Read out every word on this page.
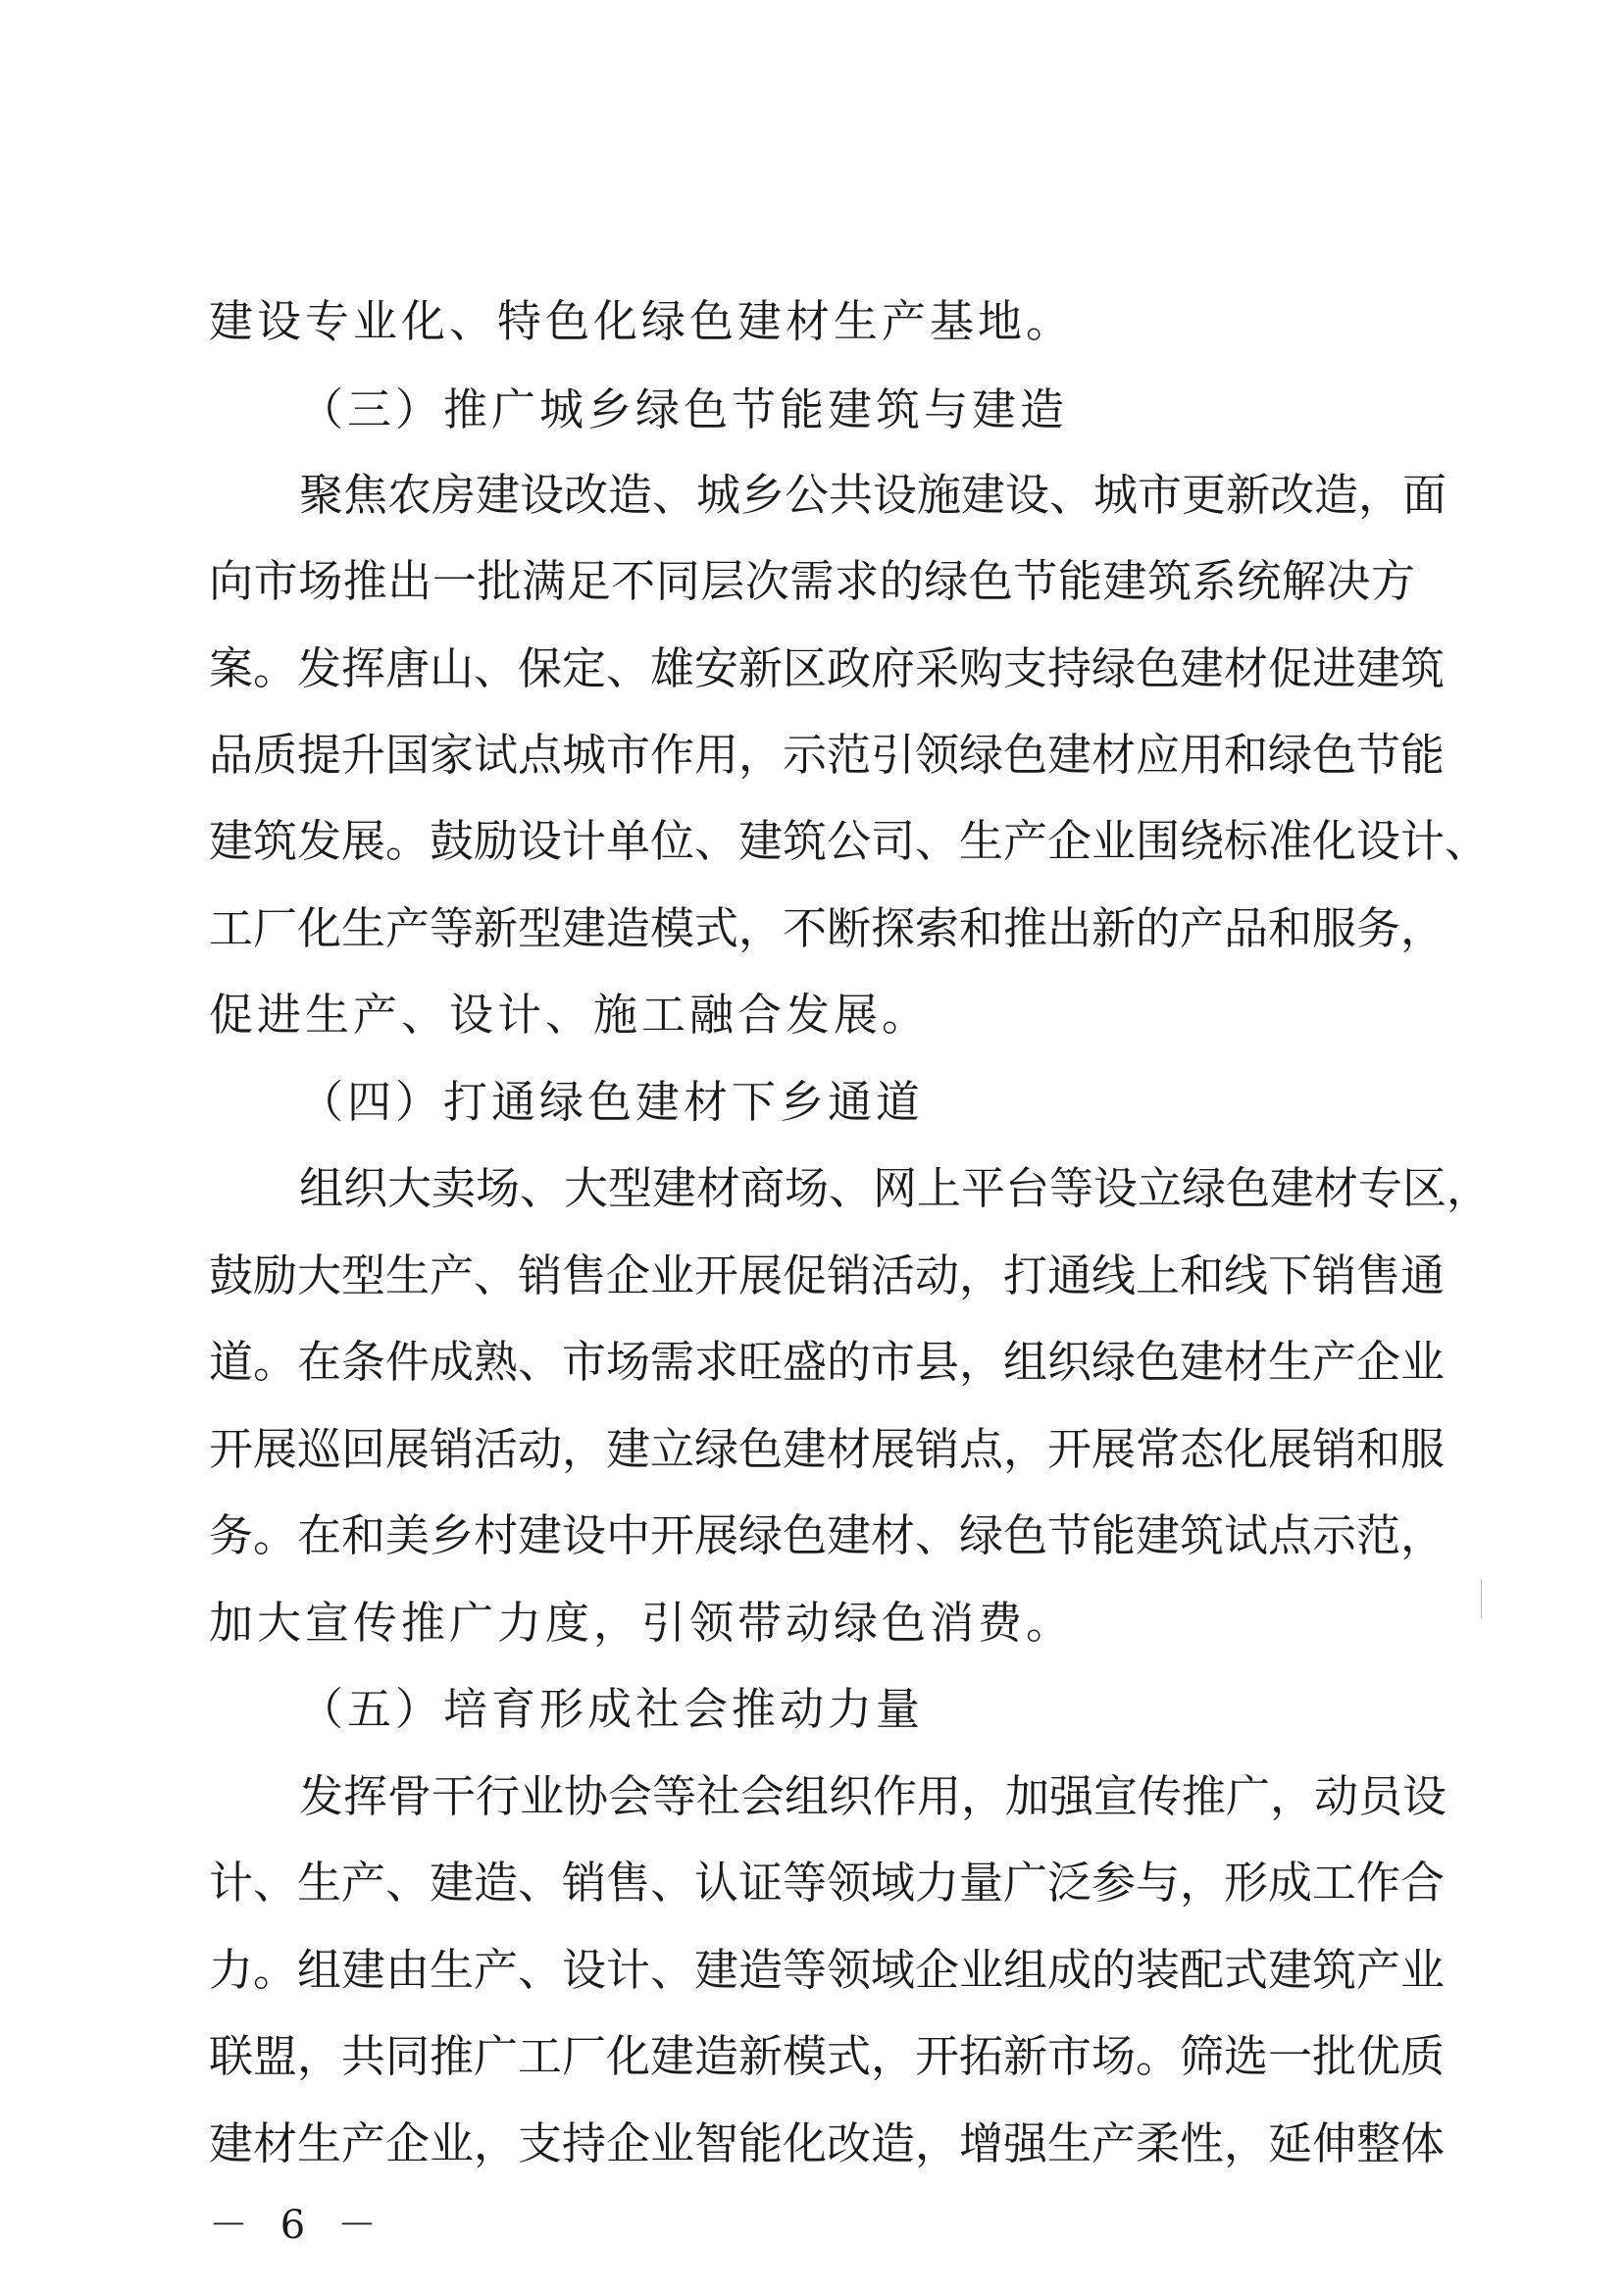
建设专业化、特色化绿色建材生产基地。
（三）推广城乡绿色节能建筑与建造
聚焦农房建设改造、城乡公共设施建设、城市更新改造，面
向市场推出一批满足不同层次需求的绿色节能建筑系统解决方
案。发挥唐山、保定、雄安新区政府采购支持绿色建材促进建筑
品质提升国家试点城市作用，示范引领绿色建材应用和绿色节能
建筑发展。鼓励设计单位、建筑公司、生产企业围绕标准化设计、
工厂化生产等新型建造模式，不断探索和推出新的产品和服务，
促进生产、设计、施工融合发展。
（四）打通绿色建材下乡通道
组织大卖场、大型建材商场、网上平台等设立绿色建材专区，
鼓励大型生产、销售企业开展促销活动，打通线上和线下销售通
道。在条件成熟、市场需求旺盛的市县，组织绿色建材生产企业
开展巡回展销活动，建立绿色建材展销点，开展常态化展销和服
务。在和美乡村建设中开展绿色建材、绿色节能建筑试点示范，
加大宣传推广力度，引领带动绿色消费。
（五）培育形成社会推动力量
发挥骨干行业协会等社会组织作用，加强宣传推广，动员设
计、生产、建造、销售、认证等领域力量广泛参与，形成工作合
力。组建由生产、设计、建造等领域企业组成的装配式建筑产业
联盟，共同推广工厂化建造新模式，开拓新市场。筛选一批优质
建材生产企业，支持企业智能化改造，增强生产柔性，延伸整体
－ 6 －
